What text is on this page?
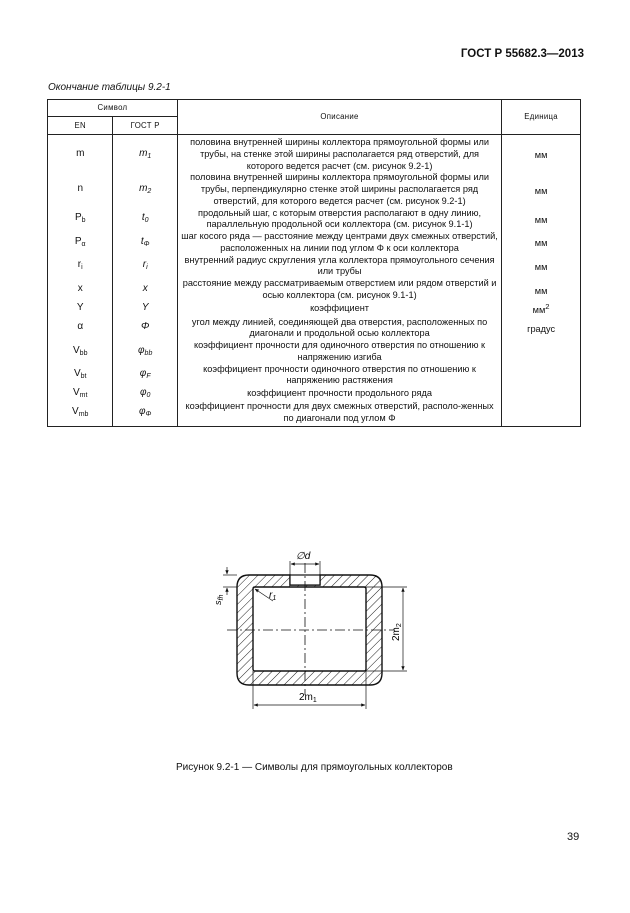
ГОСТ Р 55682.3—2013
Окончание таблицы 9.2-1
Символ		Описание	Единица
EN	ГОСТ Р		
m	$m_1$	половина внутренней ширины коллектора прямоугольной формы или трубы, на стенке этой ширины располагается ряд отверстий, для которого ведется расчет (см. рисунок 9.2-1)	мм
n	$m_2$	половина внутренней ширины коллектора прямоугольной формы или трубы, перпендикулярно стенке этой ширины располагается ряд отверстий, для которого ведется расчет (см. рисунок 9.2-1)	мм
$P_b$	$t_0$	продольный шаг, с которым отверстия располагают в одну линию, параллельную продольной оси коллектора (см. рисунок 9.1-1)	мм
$P_\alpha$	$t_\Phi$	шаг косого ряда — расстояние между центрами двух смежных отверстий, расположенных на линии под углом Φ к оси коллектора	мм
$r_i$	$r_i$	внутренний радиус скругления угла коллектора прямоугольного сечения или трубы	мм
x	x	расстояние между рассматриваемым отверстием или рядом отверстий и осью коллектора (см. рисунок 9.1-1)	мм
Y	Y	коэффициент	$мм^2$
α	Φ	угол между линией, соединяющей два отверстия, расположенных по диагонали и продольной осью коллектора	градус
$V_{bb}$	$\varphi_{bb}$	коэффициент прочности для одиночного отверстия по отношению к напряжению изгиба	
$V_{bt}$	$\varphi_F$	коэффициент прочности одиночного отверстия по отношению к напряжению растяжения	
$V_{mt}$	$\varphi_0$	коэффициент прочности продольного ряда	
$V_{mb}$	$\varphi_\Phi$	коэффициент прочности для двух смежных отверстий, располо-женных по диагонали под углом Φ	
∅d
$s_{fh}$	$r_1$
$2m_2$
$2m_1$
Рисунок 9.2-1 — Символы для прямоугольных коллекторов
39
